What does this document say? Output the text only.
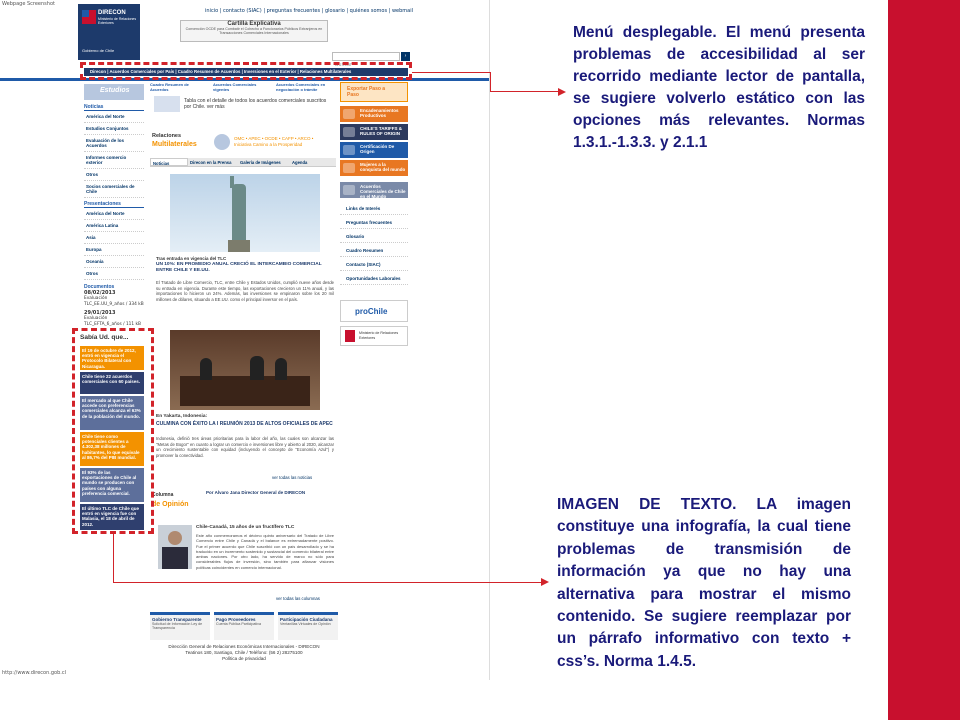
Webpage Screenshot
DIRECON
Ministerio de Relaciones Exteriores
Gobierno de Chile
inicio | contacto (SIAC) | preguntas frecuentes | glosario | quiénes somos | webmail
Cartilla Explicativa
Convención OCDE para Combatir el Cohecho a Funcionarios Públicos Extranjeros en Transacciones Comerciales Internacionales
Buscar
›
Direcon | Acuerdos Comerciales por País | Cuadro Resumen de Acuerdos | Inversiones en el Exterior | Relaciones Multilaterales
Estudios
Noticias
América del Norte
Estudios Conjuntos
Evaluación de los Acuerdos
Informes comercio exterior
Otros
Socios comerciales de Chile
Presentaciones
América del Norte
América Latina
Asia
Europa
Oceanía
Otros
Documentos
08/02/2013
Evaluación TLC_EE.UU_9_años / 334 kB
29/01/2013
Evaluación TLC_EFTA_6_años / 111 kB
Sabía Ud. que...
El 19 de octubre de 2012, entró en vigencia el Protocolo Bilateral con Nicaragua.
Chile tiene 22 acuerdos comerciales con 60 países.
El mercado al que Chile accede con preferencias comerciales alcanza el 63% de la población del mundo.
Chile tiene como potenciales clientes a 4.302,38 millones de habitantes, lo que equivale al 86,7% del PIB mundial.
El 93% de las exportaciones de Chile al mundo se producen con países con alguna preferencia comercial.
El último TLC de Chile que entró en vigencia fue con Malasia, el 18 de abril de 2012.
Cuadro Resumen de Acuerdos
Acuerdos Comerciales vigentes
Acuerdos Comerciales en negociación o trámite
Tabla con el detalle de todos los acuerdos comerciales suscritos por Chile. ver más
Relaciones
Multilaterales
OMC • APEC • OCDE • CAFP • ARCO • Iniciativa Camino a la Prosperidad
Noticias	Direcon en la Prensa	Galería de Imágenes	Agenda
Tras entrada en vigencia del TLC
UN 10%: EN PROMEDIO ANUAL CRECIÓ EL INTERCAMBIO COMERCIAL ENTRE CHILE Y EE.UU.
El Tratado de Libre Comercio, TLC, entre Chile y Estados Unidos, cumplió nueve años desde su entrada en vigencia. Durante este tiempo, las exportaciones crecieron un 11% anual, y las importaciones lo hicieron un 24%. Además, las inversiones se empinaron sobre los 20 mil millones de dólares, situando a EE.UU. como el principal inversor en el país.
En Yakarta, Indonesia:
CULMINA CON ÉXITO LA I REUNIÓN 2013 DE ALTOS OFICIALES DE APEC
Indonesia, definió tres áreas prioritarias para la labor del año, las cuales son alcanzar las "Metas de Bogor" en cuanto a lograr un comercio e inversiones libre y abierto al 2020, alcanzar un crecimiento sustentable con equidad (incluyendo el concepto de "Economía Azul") y promover la conectividad.
ver todas las noticias
Columna
de Opinión
Por Alvaro Jana Director General de DIRECON
Chile-Canadá, 15 años de un fructífero TLC
Este año conmemoramos el décimo quinto aniversario del Tratado de Libre Comercio entre Chile y Canadá y el balance es extremadamente positivo. Fue el primer acuerdo que Chile suscribió con un país desarrollado y se ha traducido en un incremento sostenido y sustancial del comercio bilateral entre ambas naciones. Por otro lado, ha servido de marco no sólo para considerables flujos de inversión, sino también para afianzar visiones políticas coincidentes en comercio internacional.
ver todas las columnas
Exportar Paso a Paso
Encadenamientos Productivos
CHILE'S TARIFFS & RULES OF ORIGIN
Certificación De Origen
Mujeres a la conquista del mundo
Acuerdos Comerciales de Chile en el Mundo
Links de Interés
Preguntas frecuentes
Glosario
Cuadro Resumen
Contacto (SIAC)
Oportunidades Laborales
proChile
Ministerio de Relaciones Exteriores
Gobierno Transparente
Solicitud de Información Ley de Transparencia
Pago Proveedores
Cuenta Pública Participativa
Participación Ciudadana
Ventanillas Virtuales de Opinión
Dirección General de Relaciones Económicas Internacionales - DIRECON
Teatinos 180, Santiago, Chile / Teléfono: (56 2) 28275100
Política de privacidad
http://www.direcon.gob.cl
Menú desplegable. El menú presenta problemas de accesibilidad al ser recorrido mediante lector de pantalla, se sugiere volverlo estático con las opciones más relevantes. Normas 1.3.1.-1.3.3. y 2.1.1
IMAGEN DE TEXTO. LA imagen constituye una infografía, la cual tiene problemas de transmisión de información ya que no hay una alternativa para mostrar el mismo contenido. Se sugiere reemplazar por un párrafo informativo con texto + css’s. Norma 1.4.5.
